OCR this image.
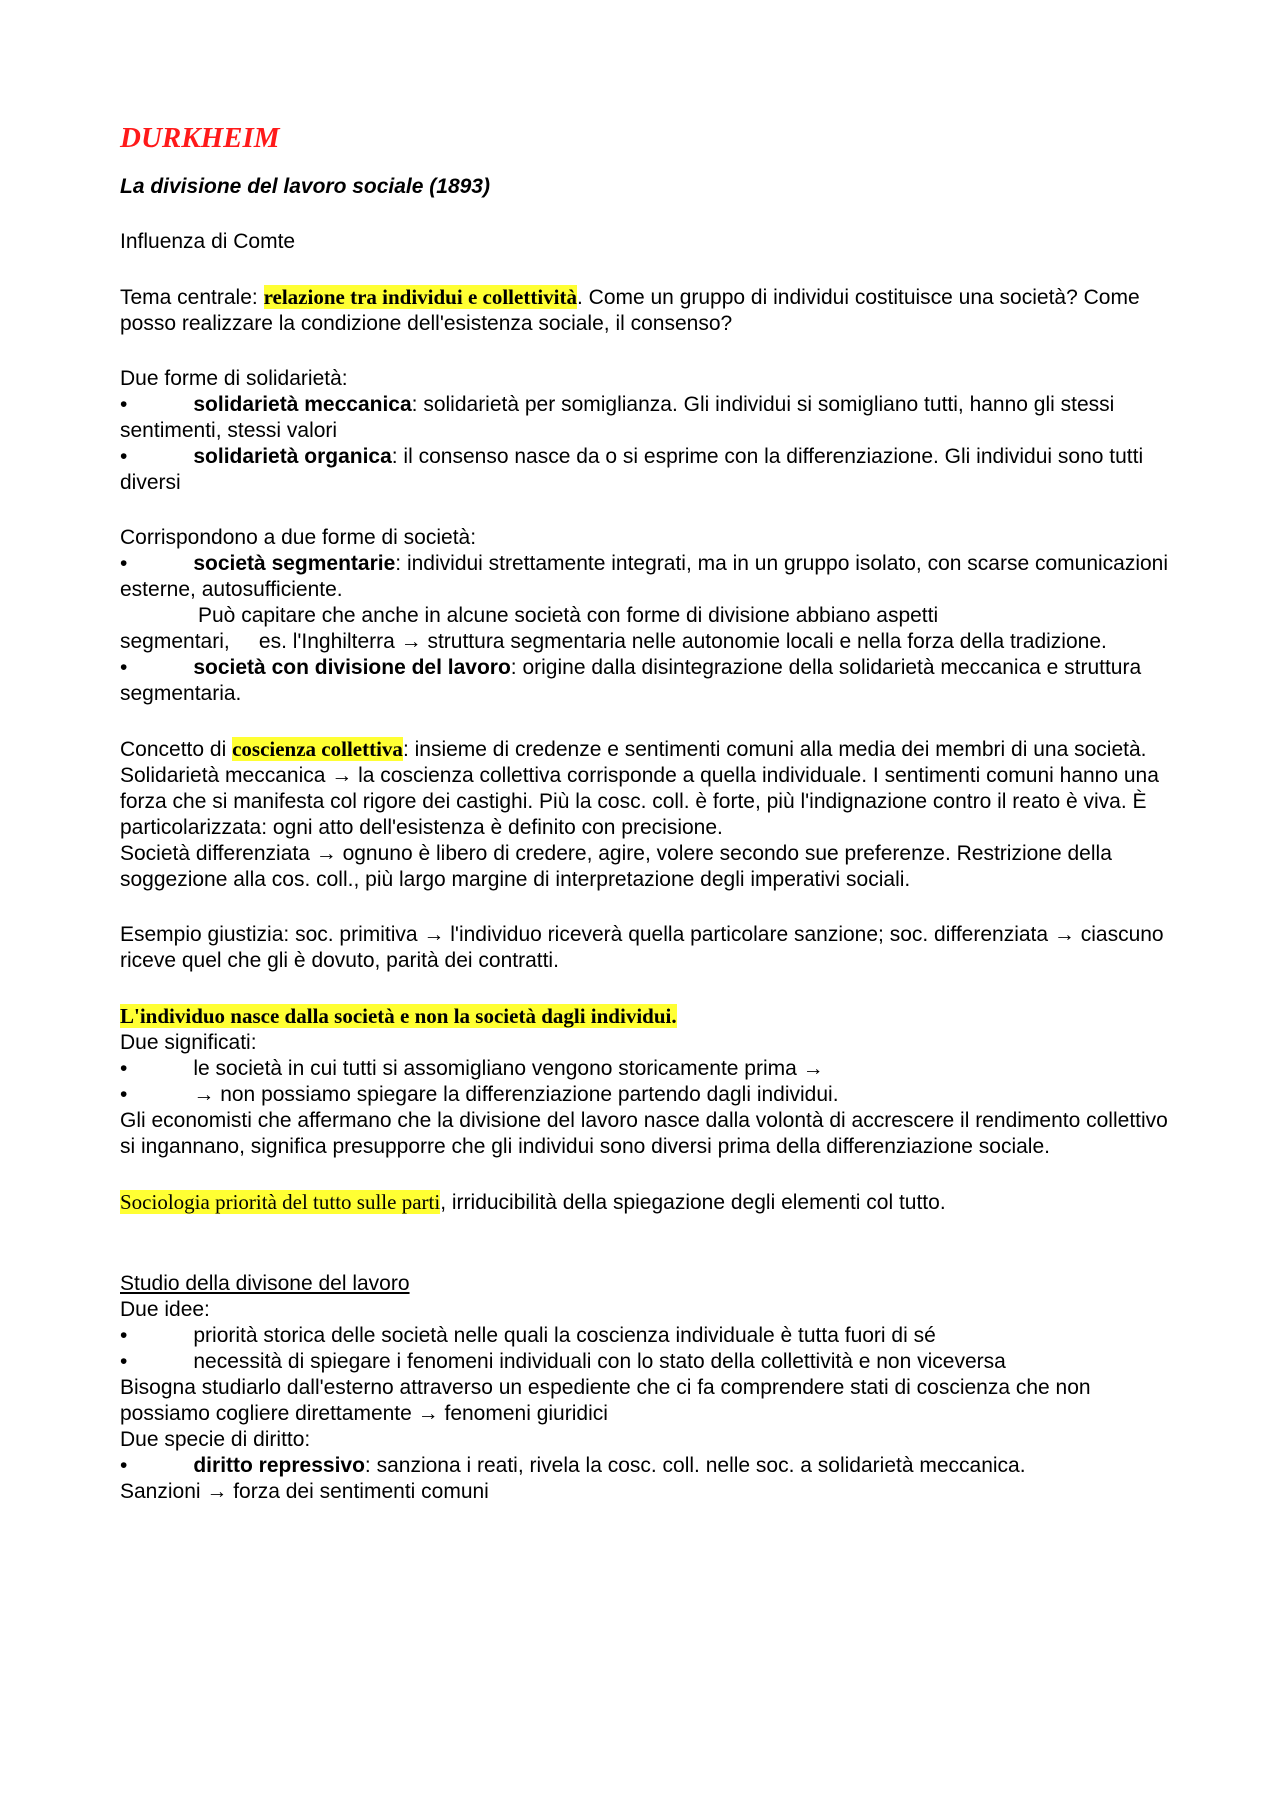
DURKHEIM

La divisione del lavoro sociale (1893)

Influenza di Comte

Tema centrale: relazione tra individui e collettività. Come un gruppo di individui costituisce una società? Come posso realizzare la condizione dell'esistenza sociale, il consenso?

Due forme di solidarietà:

•	solidarietà meccanica: solidarietà per somiglianza. Gli individui si somigliano tutti, hanno gli stessi sentimenti, stessi valori

•	solidarietà organica: il consenso nasce da o si esprime con la differenziazione. Gli individui sono tutti diversi

Corrispondono a due forme di società:

•	società segmentarie: individui strettamente integrati, ma in un gruppo isolato, con scarse comunicazioni esterne, autosufficiente.

Può capitare che anche in alcune società con forme di divisione abbiano aspetti

segmentari,     es. l'Inghilterra → struttura segmentaria nelle autonomie locali e nella forza della tradizione.

•	società con divisione del lavoro: origine dalla disintegrazione della solidarietà meccanica e struttura segmentaria.

Concetto di coscienza collettiva: insieme di credenze e sentimenti comuni alla media dei membri di una società.

Solidarietà meccanica → la coscienza collettiva corrisponde a quella individuale. I sentimenti comuni hanno una forza che si manifesta col rigore dei castighi. Più la cosc. coll. è forte, più l'indignazione contro il reato è viva. È particolarizzata: ogni atto dell'esistenza è definito con precisione.

Società differenziata → ognuno è libero di credere, agire, volere secondo sue preferenze. Restrizione della soggezione alla cos. coll., più largo margine di interpretazione degli imperativi sociali.

Esempio giustizia: soc. primitiva → l'individuo riceverà quella particolare sanzione; soc. differenziata → ciascuno riceve quel che gli è dovuto, parità dei contratti.

L'individuo nasce dalla società e non la società dagli individui.

Due significati:

•	le società in cui tutti si assomigliano vengono storicamente prima →

•	→ non possiamo spiegare la differenziazione partendo dagli individui.

Gli economisti che affermano che la divisione del lavoro nasce dalla volontà di accrescere il rendimento collettivo si ingannano, significa presupporre che gli individui sono diversi prima della differenziazione sociale.

Sociologia priorità del tutto sulle parti, irriducibilità della spiegazione degli elementi col tutto.

Studio della divisone del lavoro

Due idee:

•	priorità storica delle società nelle quali la coscienza individuale è tutta fuori di sé

•	necessità di spiegare i fenomeni individuali con lo stato della collettività e non viceversa

Bisogna studiarlo dall'esterno attraverso un espediente che ci fa comprendere stati di coscienza che non possiamo cogliere direttamente → fenomeni giuridici

Due specie di diritto:

•	diritto repressivo: sanziona i reati, rivela la cosc. coll. nelle soc. a solidarietà meccanica.

Sanzioni → forza dei sentimenti comuni
